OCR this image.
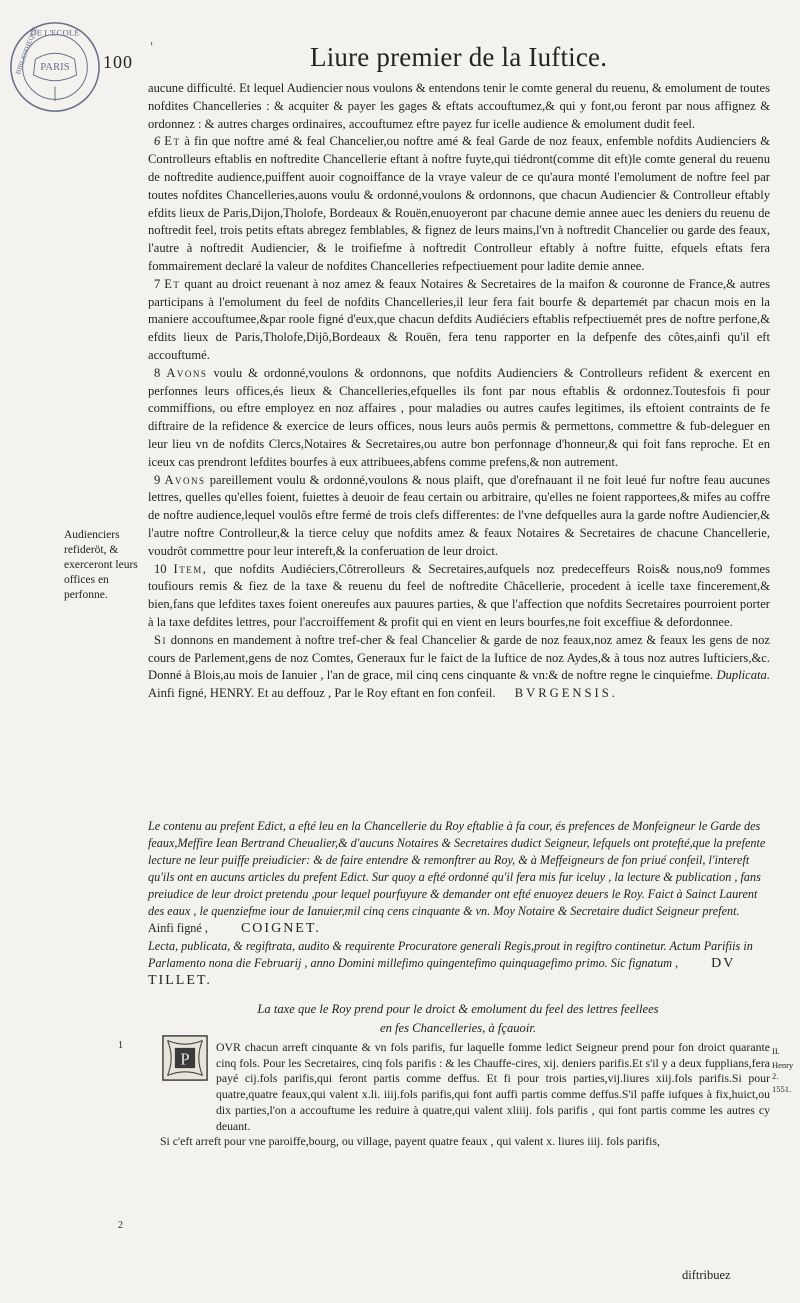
PARIS
DE L'ECOLE
BIBLIOTHEQUE	100
'	Liure premier de la Iuftice.

aucune difficulté. Et lequel Audiencier nous voulons & entendons tenir le comte general du reuenu, & emolument de toutes nofdites Chancelleries : & acquiter & payer les gages & eftats accouftumez,& qui y font,ou feront par nous affignez & ordonnez : & autres charges ordinaires, accouftumez eftre payez fur icelle audience & emolument dudit feel.

6 Et à fin que noftre amé & feal Chancelier,ou noftre amé & feal Garde de noz feaux, enfemble nofdits Audienciers & Controlleurs eftablis en noftredite Chancellerie eftant à noftre fuyte,qui tiédront(comme dit eft)le comte general du reuenu de noftredite audience,puiffent auoir cognoiffance de la vraye valeur de ce qu'aura monté l'emolument de noftre feel par toutes nofdites Chancelleries,auons voulu & ordonné,voulons & ordonnons, que chacun Audiencier & Controlleur eftably efdits lieux de Paris,Dijon,Tholofe, Bordeaux & Rouën,enuoyeront par chacune demie annee auec les deniers du reuenu de noftredit feel, trois petits eftats abregez femblables, & fignez de leurs mains,l'vn à noftredit Chancelier ou garde des feaux, l'autre à noftredit Audiencier, & le troifiefme à noftredit Controlleur eftably à noftre fuitte, efquels eftats fera fommairement declaré la valeur de nofdites Chancelleries refpectiuement pour ladite demie annee.

7 Et quant au droict reuenant à noz amez & feaux Notaires & Secretaires de la maifon & couronne de France,& autres participans à l'emolument du feel de nofdits Chancelleries,il leur fera fait bourfe & departemét par chacun mois en la maniere accouftumee,&par roole figné d'eux,que chacun defdits Audiéciers eftablis refpectiuemét pres de noftre perfone,& efdits lieux de Paris,Tholofe,Dijô,Bordeaux & Rouën, fera tenu rapporter en la defpenfe des côtes,ainfi qu'il eft accouftumé.

8 Avons voulu & ordonné,voulons & ordonnons, que nofdits Audienciers & Controlleurs refident & exercent en perfonnes leurs offices,és lieux & Chancelleries,efquelles ils font par nous eftablis & ordonnez.Toutesfois fi pour commiffions, ou eftre employez en noz affaires , pour maladies ou autres caufes legitimes, ils eftoient contraints de fe diftraire de la refidence & exercice de leurs offices, nous leurs auôs permis & permettons, commettre & fub-deleguer en leur lieu vn de nofdits Clercs,Notaires & Secretaires,ou autre bon perfonnage d'honneur,& qui foit fans reproche. Et en iceux cas prendront lefdites bourfes à eux attribuees,abfens comme prefens,& non autrement.

9 Avons pareillement voulu & ordonné,voulons & nous plaift, que d'orefnauant il ne foit leué fur noftre feau aucunes lettres, quelles qu'elles foient, fuiettes à deuoir de feau certain ou arbitraire, qu'elles ne foient rapportees,& mifes au coffre de noftre audience,lequel voulôs eftre fermé de trois clefs differentes: de l'vne defquelles aura la garde noftre Audiencier,& l'autre noftre Controlleur,& la tierce celuy que nofdits amez & feaux Notaires & Secretaires de chacune Chancellerie, voudrôt commettre pour leur intereft,& la conferuation de leur droict.

10 Item, que nofdits Audiéciers,Côtrerolleurs & Secretaires,aufquels noz predeceffeurs Rois& nous,no9 fommes toufiours remis & fiez de la taxe & reuenu du feel de noftredite Châcellerie, procedent à icelle taxe fincerement,& bien,fans que lefdites taxes foient onereufes aux pauures parties, & que l'affection que nofdits Secretaires pourroient porter à la taxe defdites lettres, pour l'accroiffement & profit qui en vient en leurs bourfes,ne foit exceffiue & defordonnee.

Si donnons en mandement à noftre tref-cher & feal Chancelier & garde de noz feaux,noz amez & feaux les gens de noz cours de Parlement,gens de noz Comtes, Generaux fur le faict de la Iuftice de noz Aydes,& à tous noz autres Iufticiers,&c. Donné à Blois,au mois de Ianuier , l'an de grace, mil cinq cens cinquante & vn:& de noftre regne le cinquiefme. Duplicata. Ainfi figné, HENRY. Et au deffouz , Par le Roy eftant en fon confeil. BVRGENSIS.

Audienciers refideröt, & exerceront leurs offices en perfonne.
Le contenu au prefent Edict, a efté leu en la Chancellerie du Roy eftablie à fa cour, és prefences de Monfeigneur le Garde des feaux,Meffire Iean Bertrand Cheualier,& d'aucuns Notaires & Secretaires dudict Seigneur, lefquels ont protefté,que la prefente lecture ne leur puiffe preiudicier: & de faire entendre & remonftrer au Roy, & à Meffeigneurs de fon priué confeil, l'intereft qu'ils ont en aucuns articles du prefent Edict. Sur quoy a efté ordonné qu'il fera mis fur iceluy , la lecture & publication , fans preiudice de leur droict pretendu ,pour lequel pourfuyure & demander ont efté enuoyez deuers le Roy. Faict à Sainct Laurent des eaux , le quenziefme iour de Ianuier,mil cinq cens cinquante & vn. Moy Notaire & Secretaire dudict Seigneur prefent. Ainfi figné , COIGNET.
Lecta, publicata, & regiftrata, audito & requirente Procuratore generali Regis,prout in regiftro continetur. Actum Parifiis in Parlamento nona die Februarij , anno Domini millefimo quingentefimo quinquagefimo primo. Sic fignatum , DV TILLET.
La taxe que le Roy prend pour le droict & emolument du feel des lettres feellees
en fes Chancelleries, à fçauoir.
P
1	OVR chacun arreft cinquante & vn fols parifis, fur laquelle fomme ledict Seigneur prend pour fon droict quarante cinq fols. Pour les Secretaires, cinq fols parifis : & les Chauffe-cires, xij. deniers parifis.Et s'il y a deux fupplians,fera payé cij.fols parifis,qui feront partis comme deffus. Et fi pour trois parties,vij.liures xiij.fols parifis.Si pour quatre,quatre feaux,qui valent x.li. iiij.fols parifis,qui font auffi partis comme deffus.S'il paffe iufques à fix,huict,ou dix parties,l'on a accouftume les reduire à quatre,qui valent xliiij. fols parifis , qui font partis comme les autres cy deuant.
Si c'eft arreft pour vne paroiffe,bourg, ou village, payent quatre feaux , qui valent x. liures iiij. fols parifis,
2
II.
Henry 2.
1551.
diftribuez
